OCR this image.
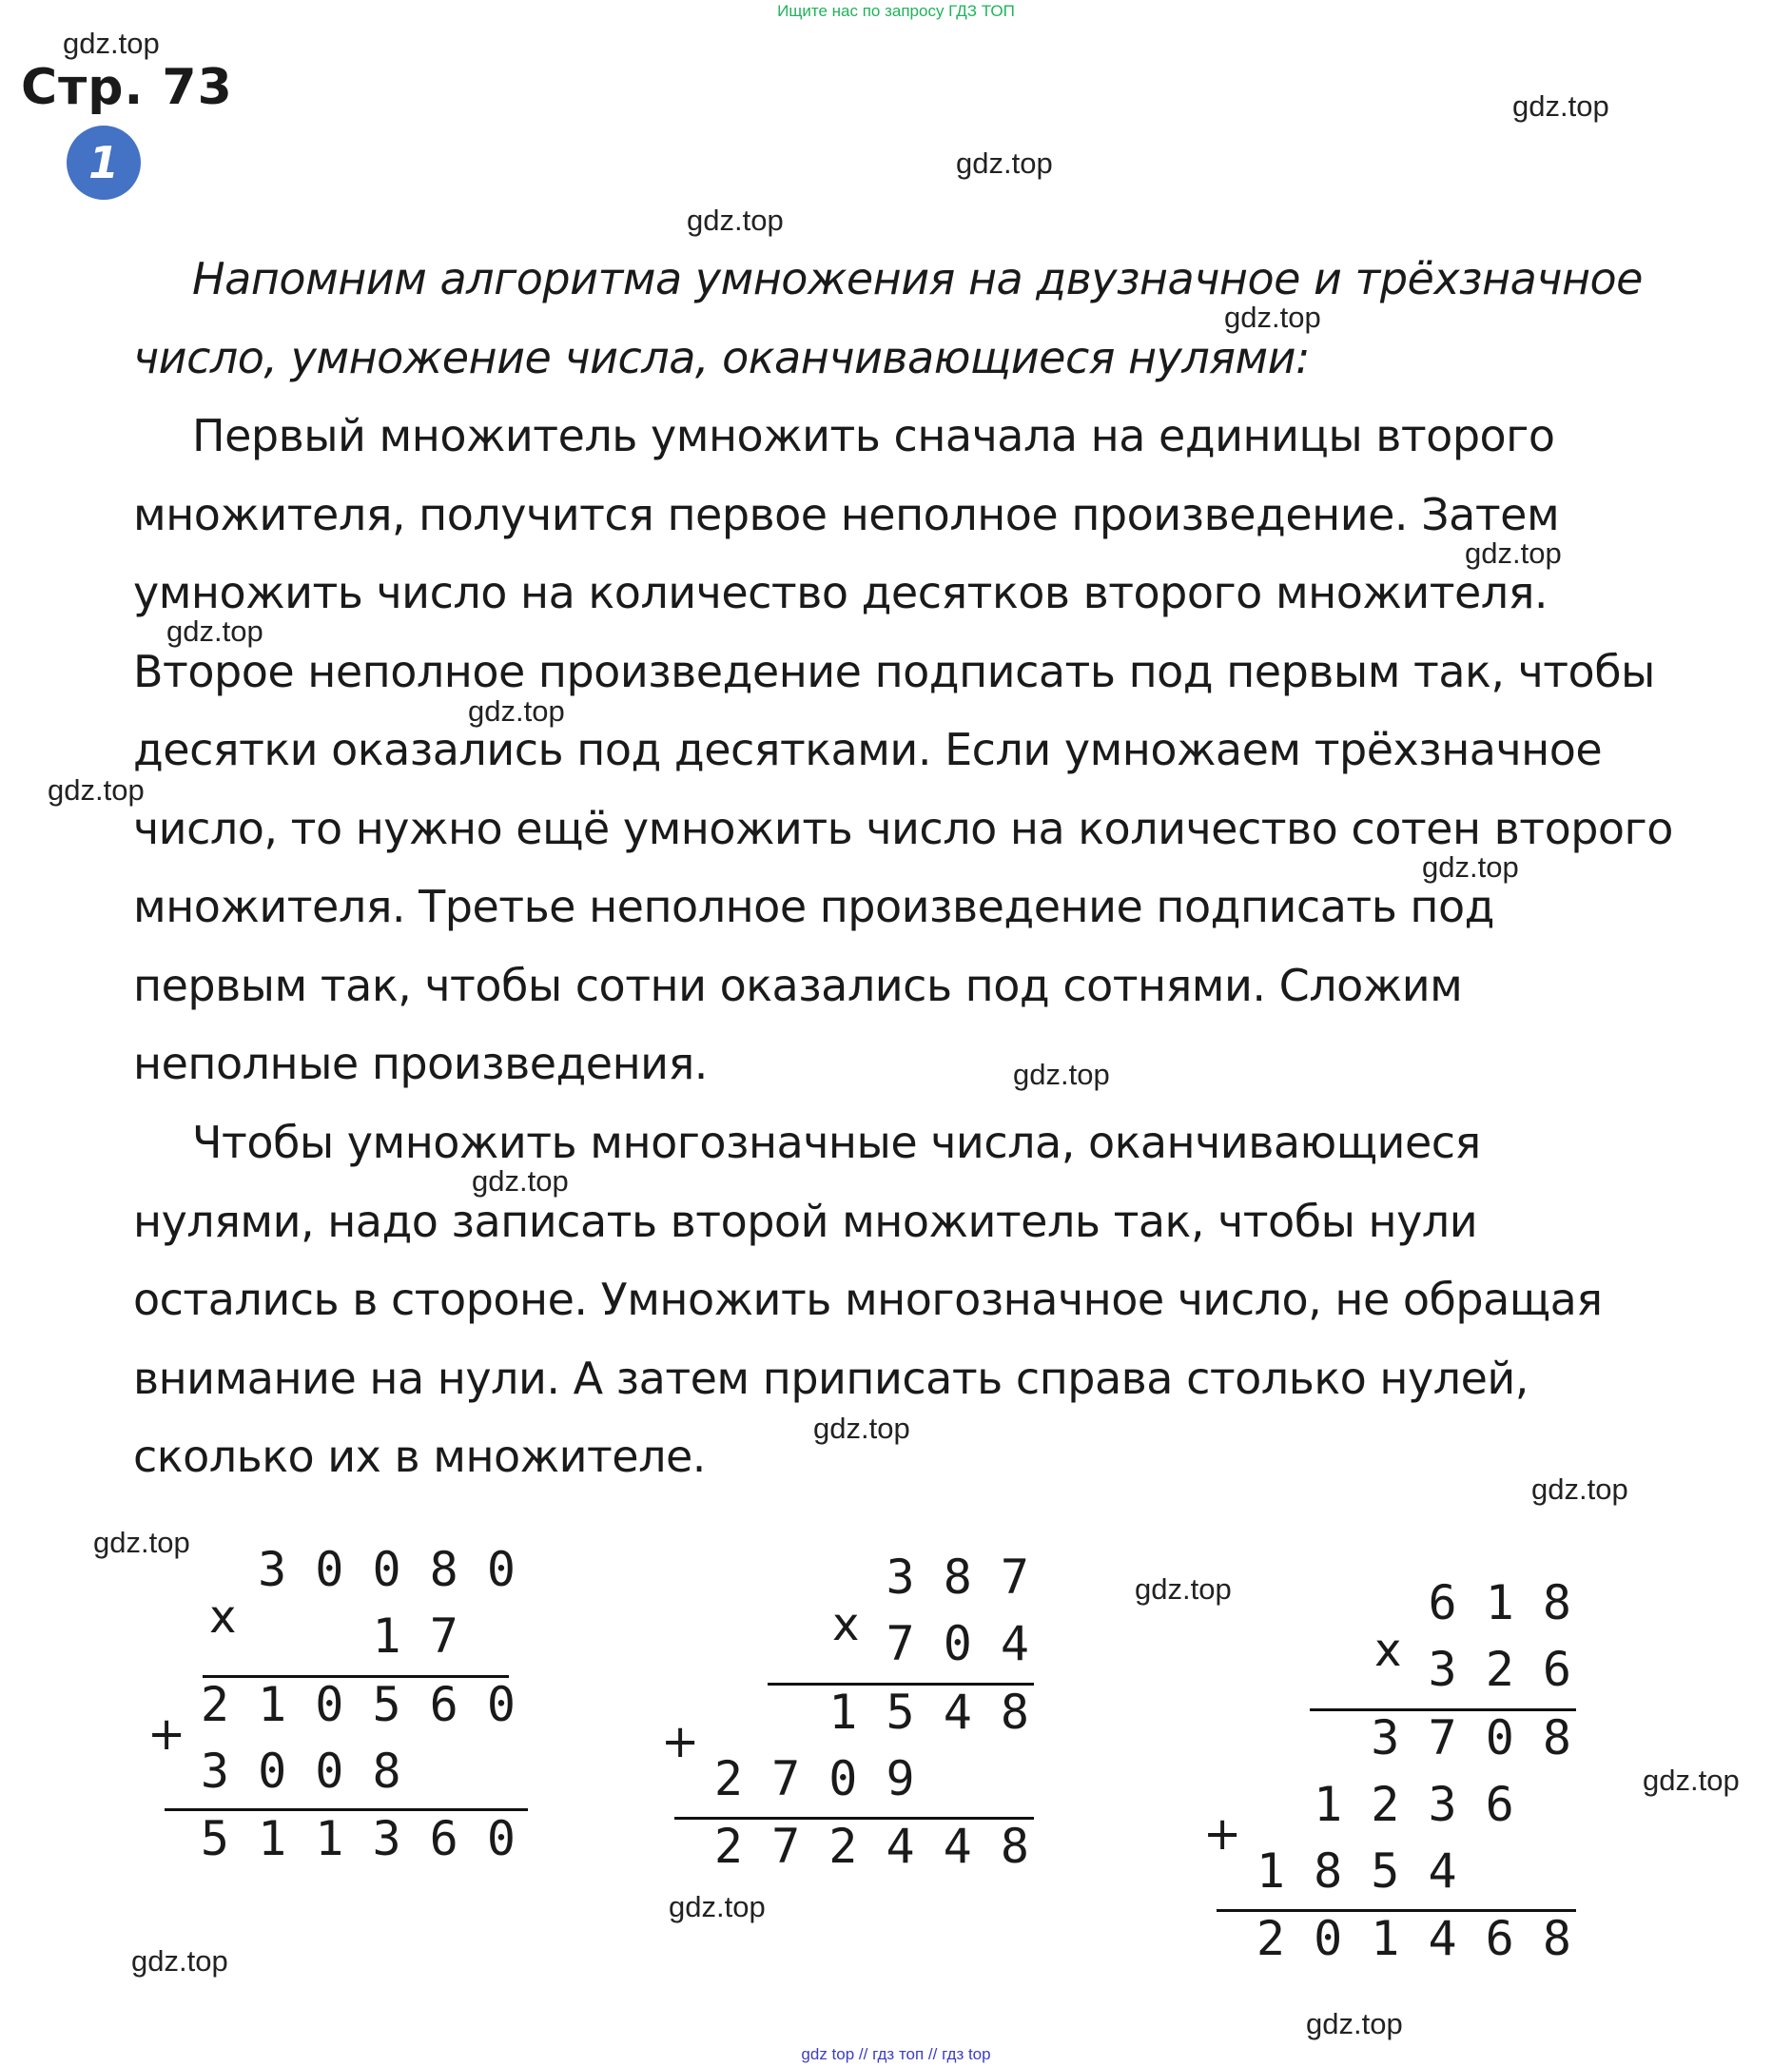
Ищите нас по запросу ГДЗ ТОП
gdz.top
gdz.top
gdz.top
gdz.top
gdz.top
gdz.top
gdz.top
gdz.top
gdz.top
gdz.top
gdz.top
gdz.top
gdz.top
gdz.top
gdz.top
gdz.top
gdz.top
gdz.top
gdz.top
gdz.top
Стр. 73
1

Напомним алгоритма умножения на двузначное и трёхзначное число, умножение числа, оканчивающиеся нулями:

Первый множитель умножить сначала на единицы второго множителя, получится первое неполное произведение. Затем умножить число на количество десятков второго множителя. Второе неполное произведение подписать под первым так, чтобы десятки оказались под десятками. Если умножаем трёхзначное число, то нужно ещё умножить число на количество сотен второго множителя. Третье неполное произведение подписать под первым так, чтобы сотни оказались под сотнями. Сложим неполные произведения.

Чтобы умножить многозначные числа, оканчивающиеся нулями, надо записать второй множитель так, чтобы нули остались в стороне. Умножить многозначное число, не обращая внимание на нули. А затем приписать справа столько нулей, сколько их в множителе.

x
+
3 0 0 8 0
1 7
2 1 0 5 6 0
3 0 0 8
5 1 1 3 6 0
x
+
3 8 7
7 0 4
1 5 4 8
2 7 0 9
2 7 2 4 4 8
x
+
6 1 8
3 2 6
3 7 0 8
1 2 3 6
1 8 5 4
2 0 1 4 6 8
gdz top // гдз топ // гдз top
